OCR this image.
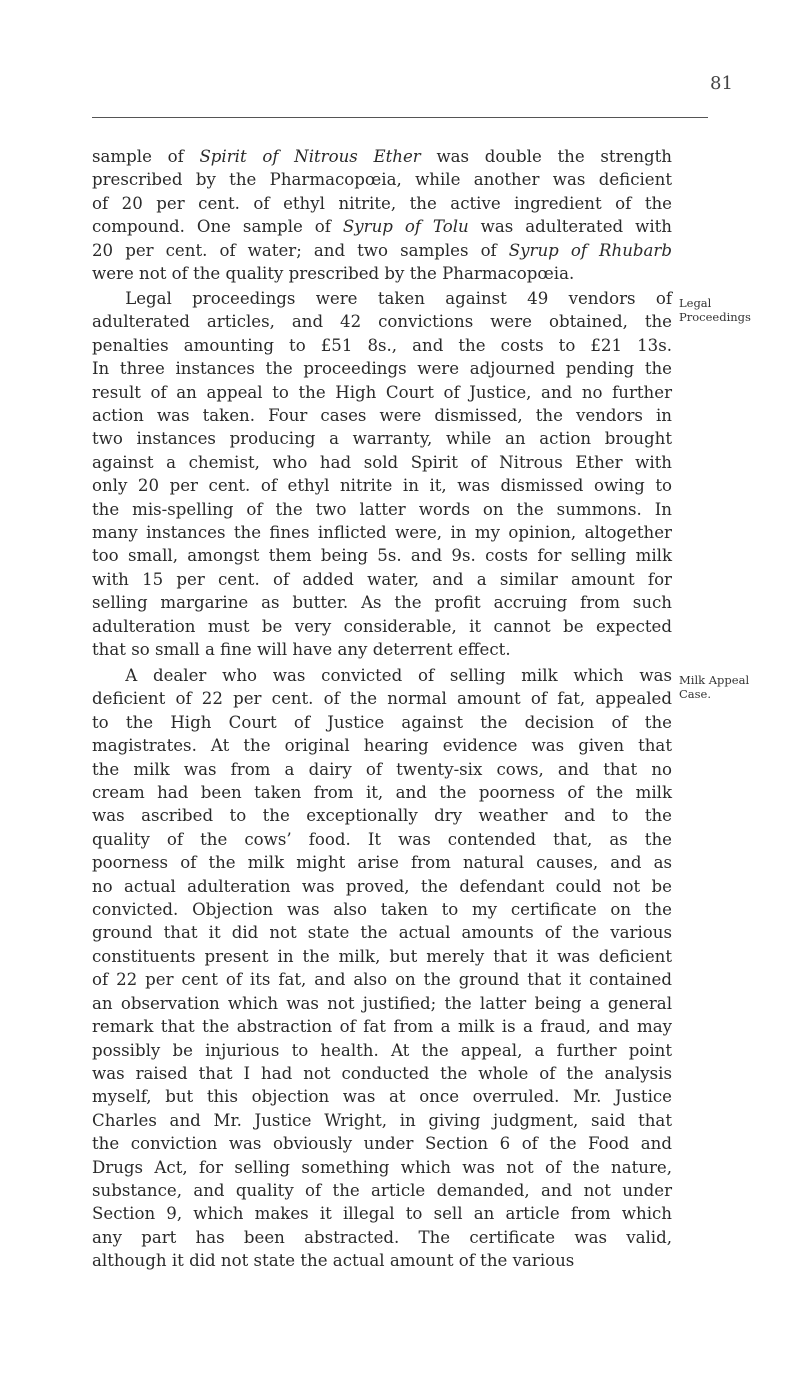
81
sample of Spirit of Nitrous Ether was double the strength
prescribed by the Pharmacopœia, while another was deficient
of 20 per cent. of ethyl nitrite, the active ingredient of the
compound. One sample of Syrup of Tolu was adulterated with
20 per cent. of water; and two samples of Syrup of Rhubarb
were not of the quality prescribed by the Pharmacopœia.
  Legal proceedings were taken against 49 vendors of
adulterated articles, and 42 convictions were obtained, the
penalties amounting to £51 8s., and the costs to £21 13s.
In three instances the proceedings were adjourned pending the
result of an appeal to the High Court of Justice, and no further
action was taken. Four cases were dismissed, the vendors in
two instances producing a warranty, while an action brought
against a chemist, who had sold Spirit of Nitrous Ether with
only 20 per cent. of ethyl nitrite in it, was dismissed owing to
the mis-spelling of the two latter words on the summons. In
many instances the fines inflicted were, in my opinion, altogether
too small, amongst them being 5s. and 9s. costs for selling milk
with 15 per cent. of added water, and a similar amount for
selling margarine as butter. As the profit accruing from such
adulteration must be very considerable, it cannot be expected
that so small a fine will have any deterrent effect.
  A dealer who was convicted of selling milk which was
deficient of 22 per cent. of the normal amount of fat, appealed
to the High Court of Justice against the decision of the
magistrates. At the original hearing evidence was given that
the milk was from a dairy of twenty-six cows, and that no
cream had been taken from it, and the poorness of the milk
was ascribed to the exceptionally dry weather and to the
quality of the cows’ food. It was contended that, as the
poorness of the milk might arise from natural causes, and as
no actual adulteration was proved, the defendant could not be
convicted. Objection was also taken to my certificate on the
ground that it did not state the actual amounts of the various
constituents present in the milk, but merely that it was deficient
of 22 per cent of its fat, and also on the ground that it contained
an observation which was not justified; the latter being a general
remark that the abstraction of fat from a milk is a fraud, and may
possibly be injurious to health. At the appeal, a further point
was raised that I had not conducted the whole of the analysis
myself, but this objection was at once overruled. Mr. Justice
Charles and Mr. Justice Wright, in giving judgment, said that
the conviction was obviously under Section 6 of the Food and
Drugs Act, for selling something which was not of the nature,
substance, and quality of the article demanded, and not under
Section 9, which makes it illegal to sell an article from which
any part has been abstracted. The certificate was valid,
although it did not state the actual amount of the various
Legal
Proceedings
Milk Appeal
Case.
